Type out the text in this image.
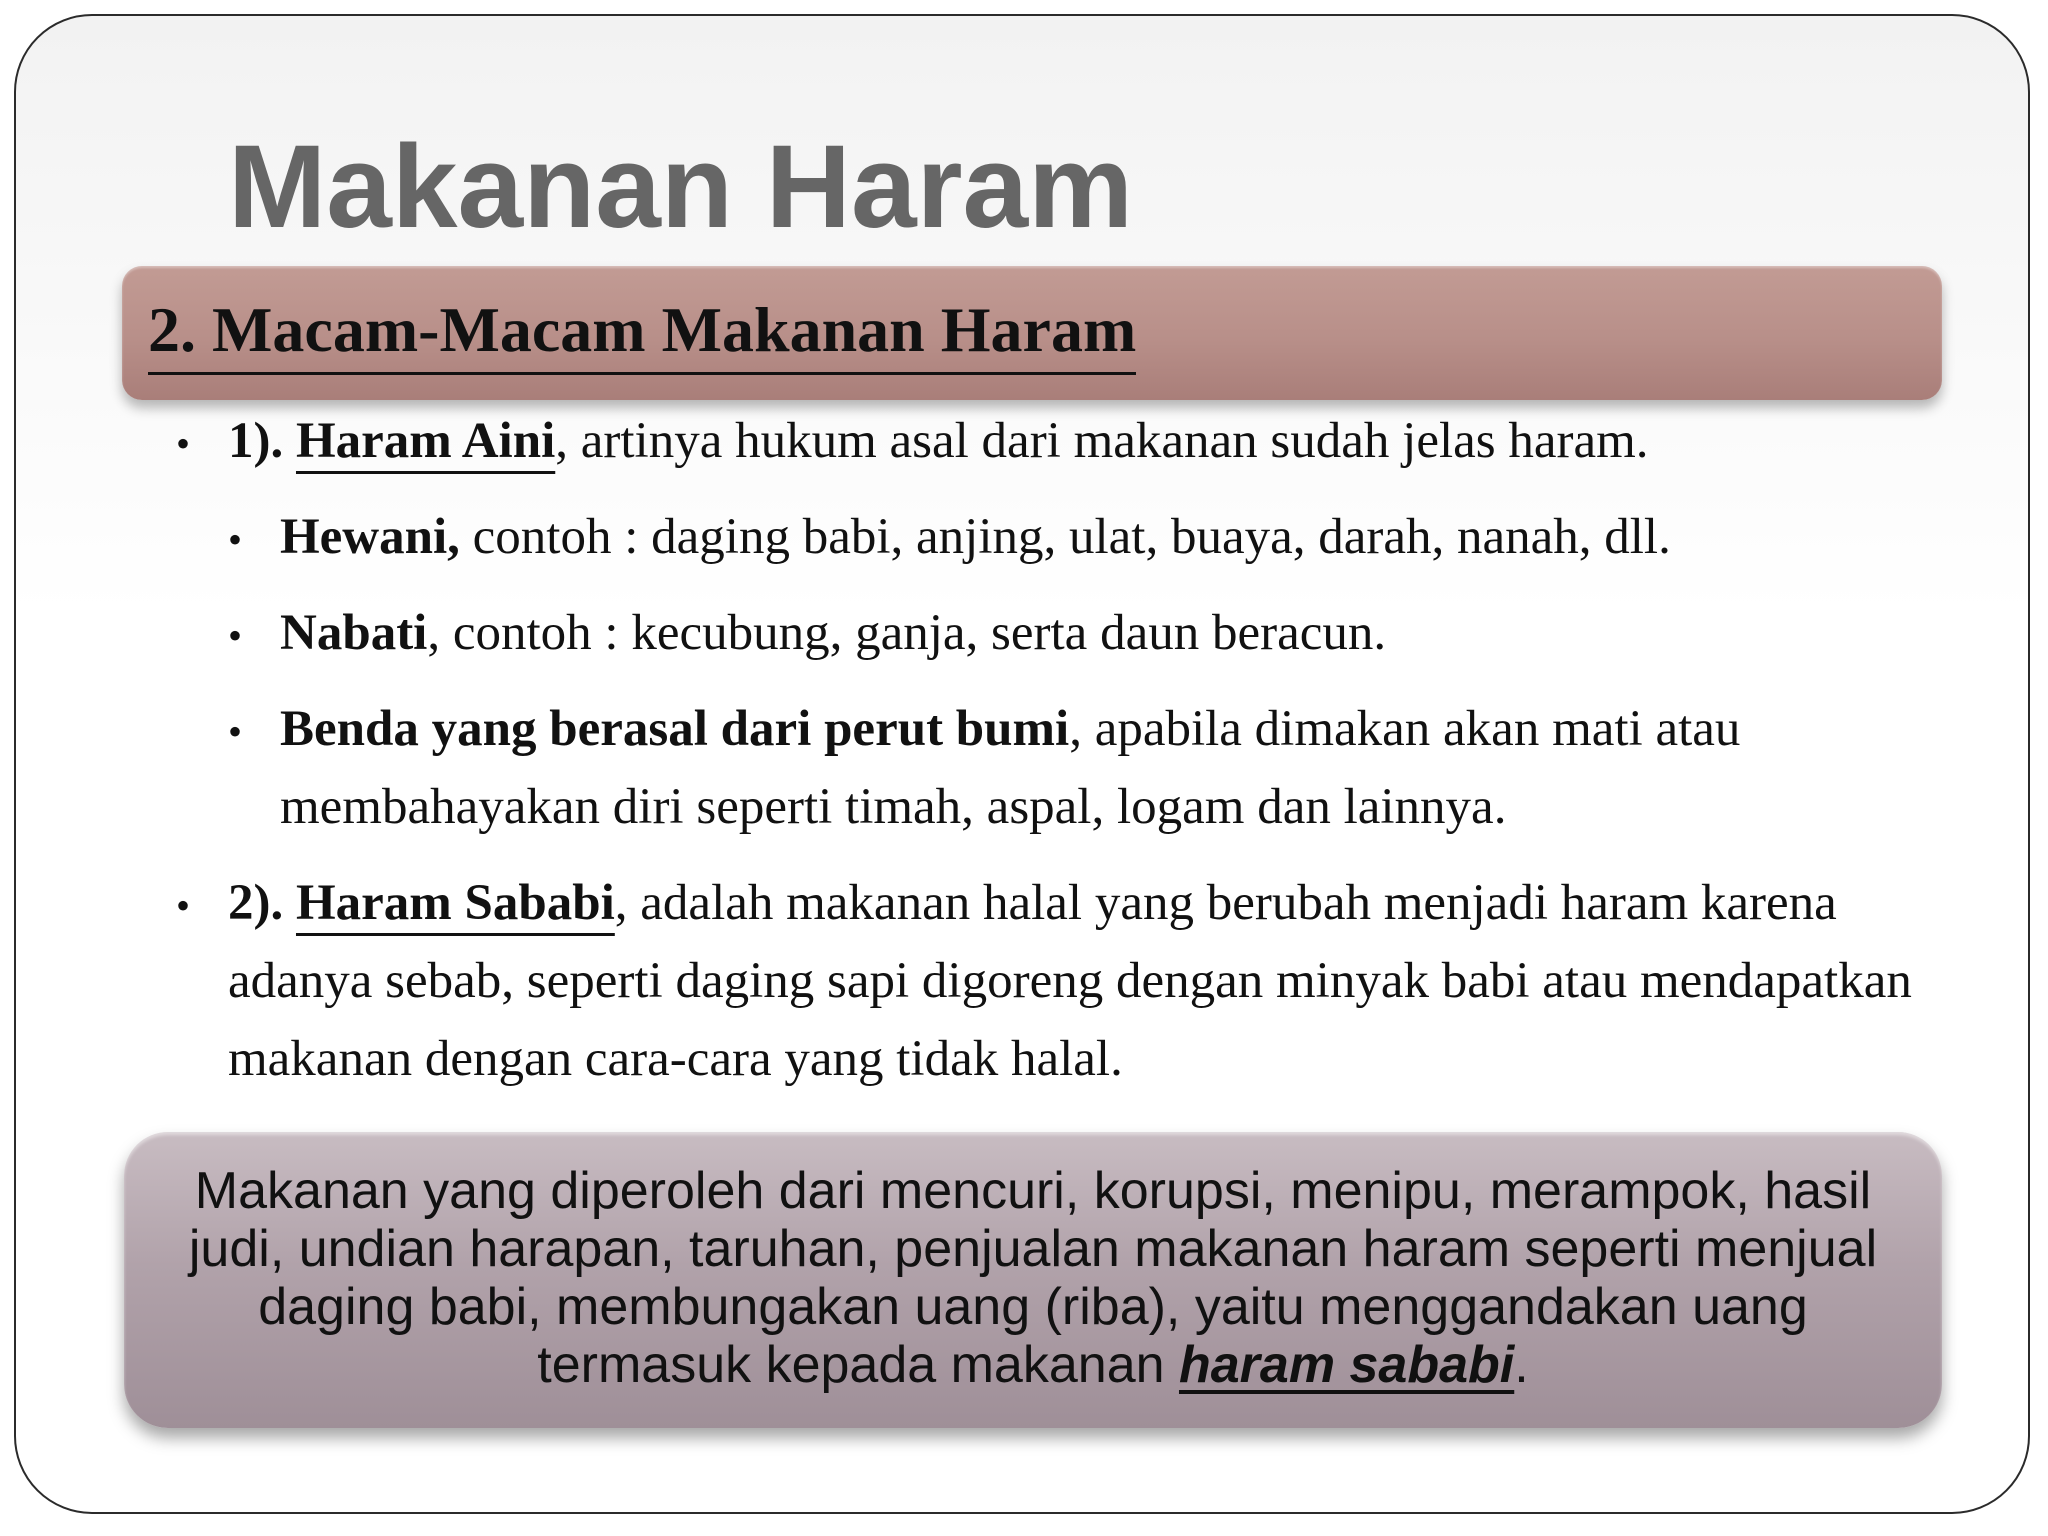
Makanan Haram
2. Macam-Macam Makanan Haram
• 1). Haram Aini, artinya hukum asal dari makanan sudah jelas haram.

• Hewani, contoh : daging babi, anjing, ulat, buaya, darah, nanah, dll.

• Nabati, contoh : kecubung, ganja, serta daun beracun.

• Benda yang berasal dari perut bumi, apabila dimakan akan mati atau membahayakan diri seperti timah, aspal, logam dan lainnya.

• 2). Haram Sababi, adalah makanan halal yang berubah menjadi haram karena adanya sebab, seperti daging sapi digoreng dengan minyak babi atau mendapatkan makanan dengan cara-cara yang tidak halal.

Makanan yang diperoleh dari mencuri, korupsi, menipu, merampok, hasil judi, undian harapan, taruhan, penjualan makanan haram seperti menjual daging babi, membungakan uang (riba), yaitu menggandakan uang termasuk kepada makanan haram sababi.
